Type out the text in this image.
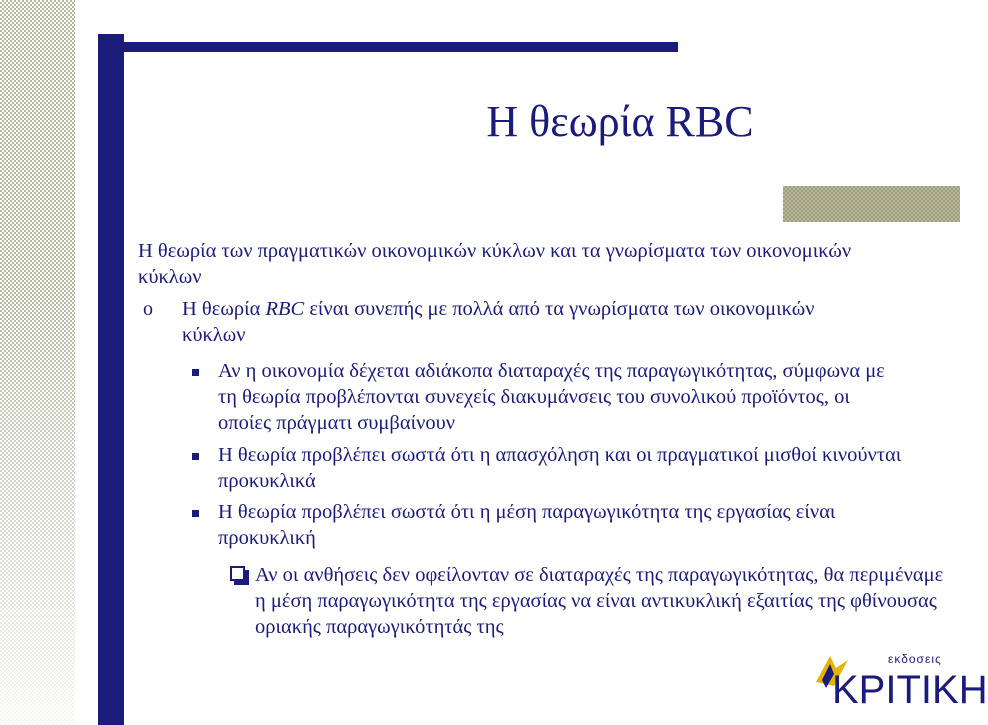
Η θεωρία RBC
• Η θεωρία των πραγματικών οικονομικών κύκλων και τα γνωρίσματα των οικονομικών κύκλων

o Η θεωρία RBC είναι συνεπής με πολλά από τα γνωρίσματα των οικονομικών κύκλων

Αν η οικονομία δέχεται αδιάκοπα διαταραχές της παραγωγικότητας, σύμφωνα με τη θεωρία προβλέπονται συνεχείς διακυμάνσεις του συνολικού προϊόντος, οι οποίες πράγματι συμβαίνουν

Η θεωρία προβλέπει σωστά ότι η απασχόληση και οι πραγματικοί μισθοί κινούνται προκυκλικά

Η θεωρία προβλέπει σωστά ότι η μέση παραγωγικότητα της εργασίας είναι προκυκλική

Αν οι ανθήσεις δεν οφείλονταν σε διαταραχές της παραγωγικότητας, θα περιμέναμε η μέση παραγωγικότητα της εργασίας να είναι αντικυκλική εξαιτίας της φθίνουσας οριακής παραγωγικότητάς της

εκδοσεις
ΚΡΙΤΙΚΗ
